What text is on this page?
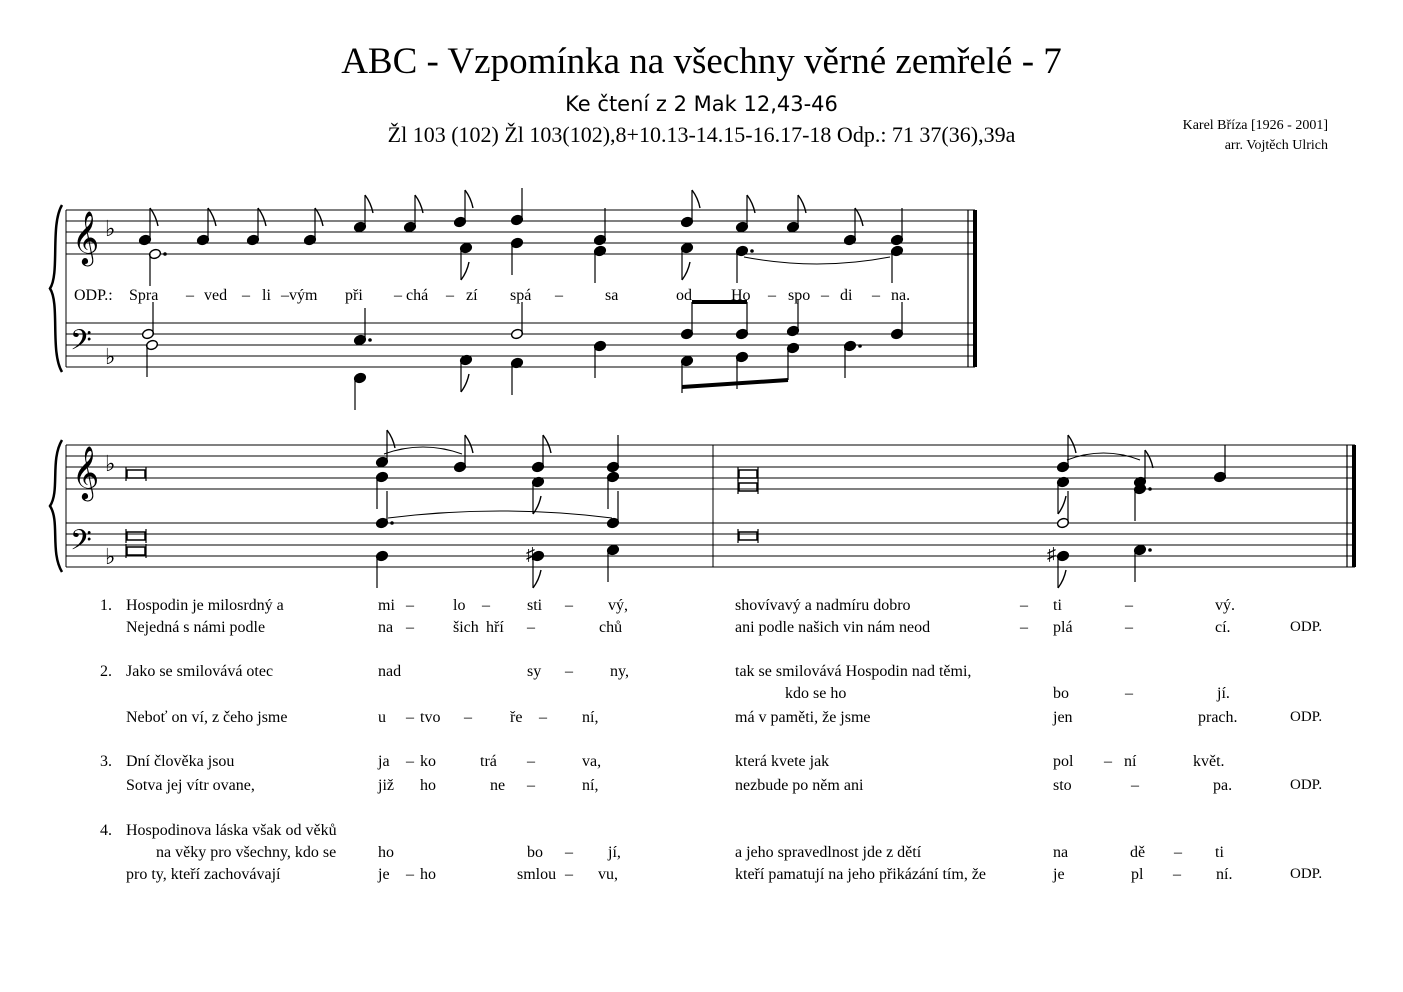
ABC - Vzpomínka na všechny věrné zemřelé - 7
Ke čtení z 2 Mak 12,43-46
Žl 103 (102) Žl 103(102),8+10.13-14.15-16.17-18 Odp.: 71 37(36),39a	Karel Bříza [1926 - 2001]
arr. Vojtěch Ulrich
𝄞
𝄢
♭
♭
𝄞
𝄢
♭
♭	♯	♯
ODP.: Spra – ved – li – vým při – chá – zí spá –	sa	od Ho – spo – di – na.
1. Hospodin je milosrdný a	mi – lo – sti – vý,	shovívavý a nadmíru dobro	– ti	–	vý.
Nejedná s námi podle	na – šich hří –	chů	ani podle našich vin nám neod	– plá	–	cí.	ODP.
2. Jako se smilovává otec	nad	sy – ny,	tak se smilovává Hospodin nad těmi,
kdo se ho	bo	–	jí.
Neboť on ví, z čeho jsme	u – tvo – ře – ní,	má v paměti, že jsme	jen	prach.	ODP.
3. Dní člověka jsou	ja – ko	trá –	va,	která kvete jak	pol – ní	květ.
Sotva jej vítr ovane,	již ho	ne –	ní,	nezbude po něm ani	sto	–	pa.	ODP.
4. Hospodinova láska však od věků
na věky pro všechny, kdo se	ho	bo – jí,	a jeho spravedlnost jde z dětí	na	dě – ti
pro ty, kteří zachovávají	je – ho	smlou – vu,	kteří pamatují na jeho přikázání tím, že	je	pl – ní.	ODP.
